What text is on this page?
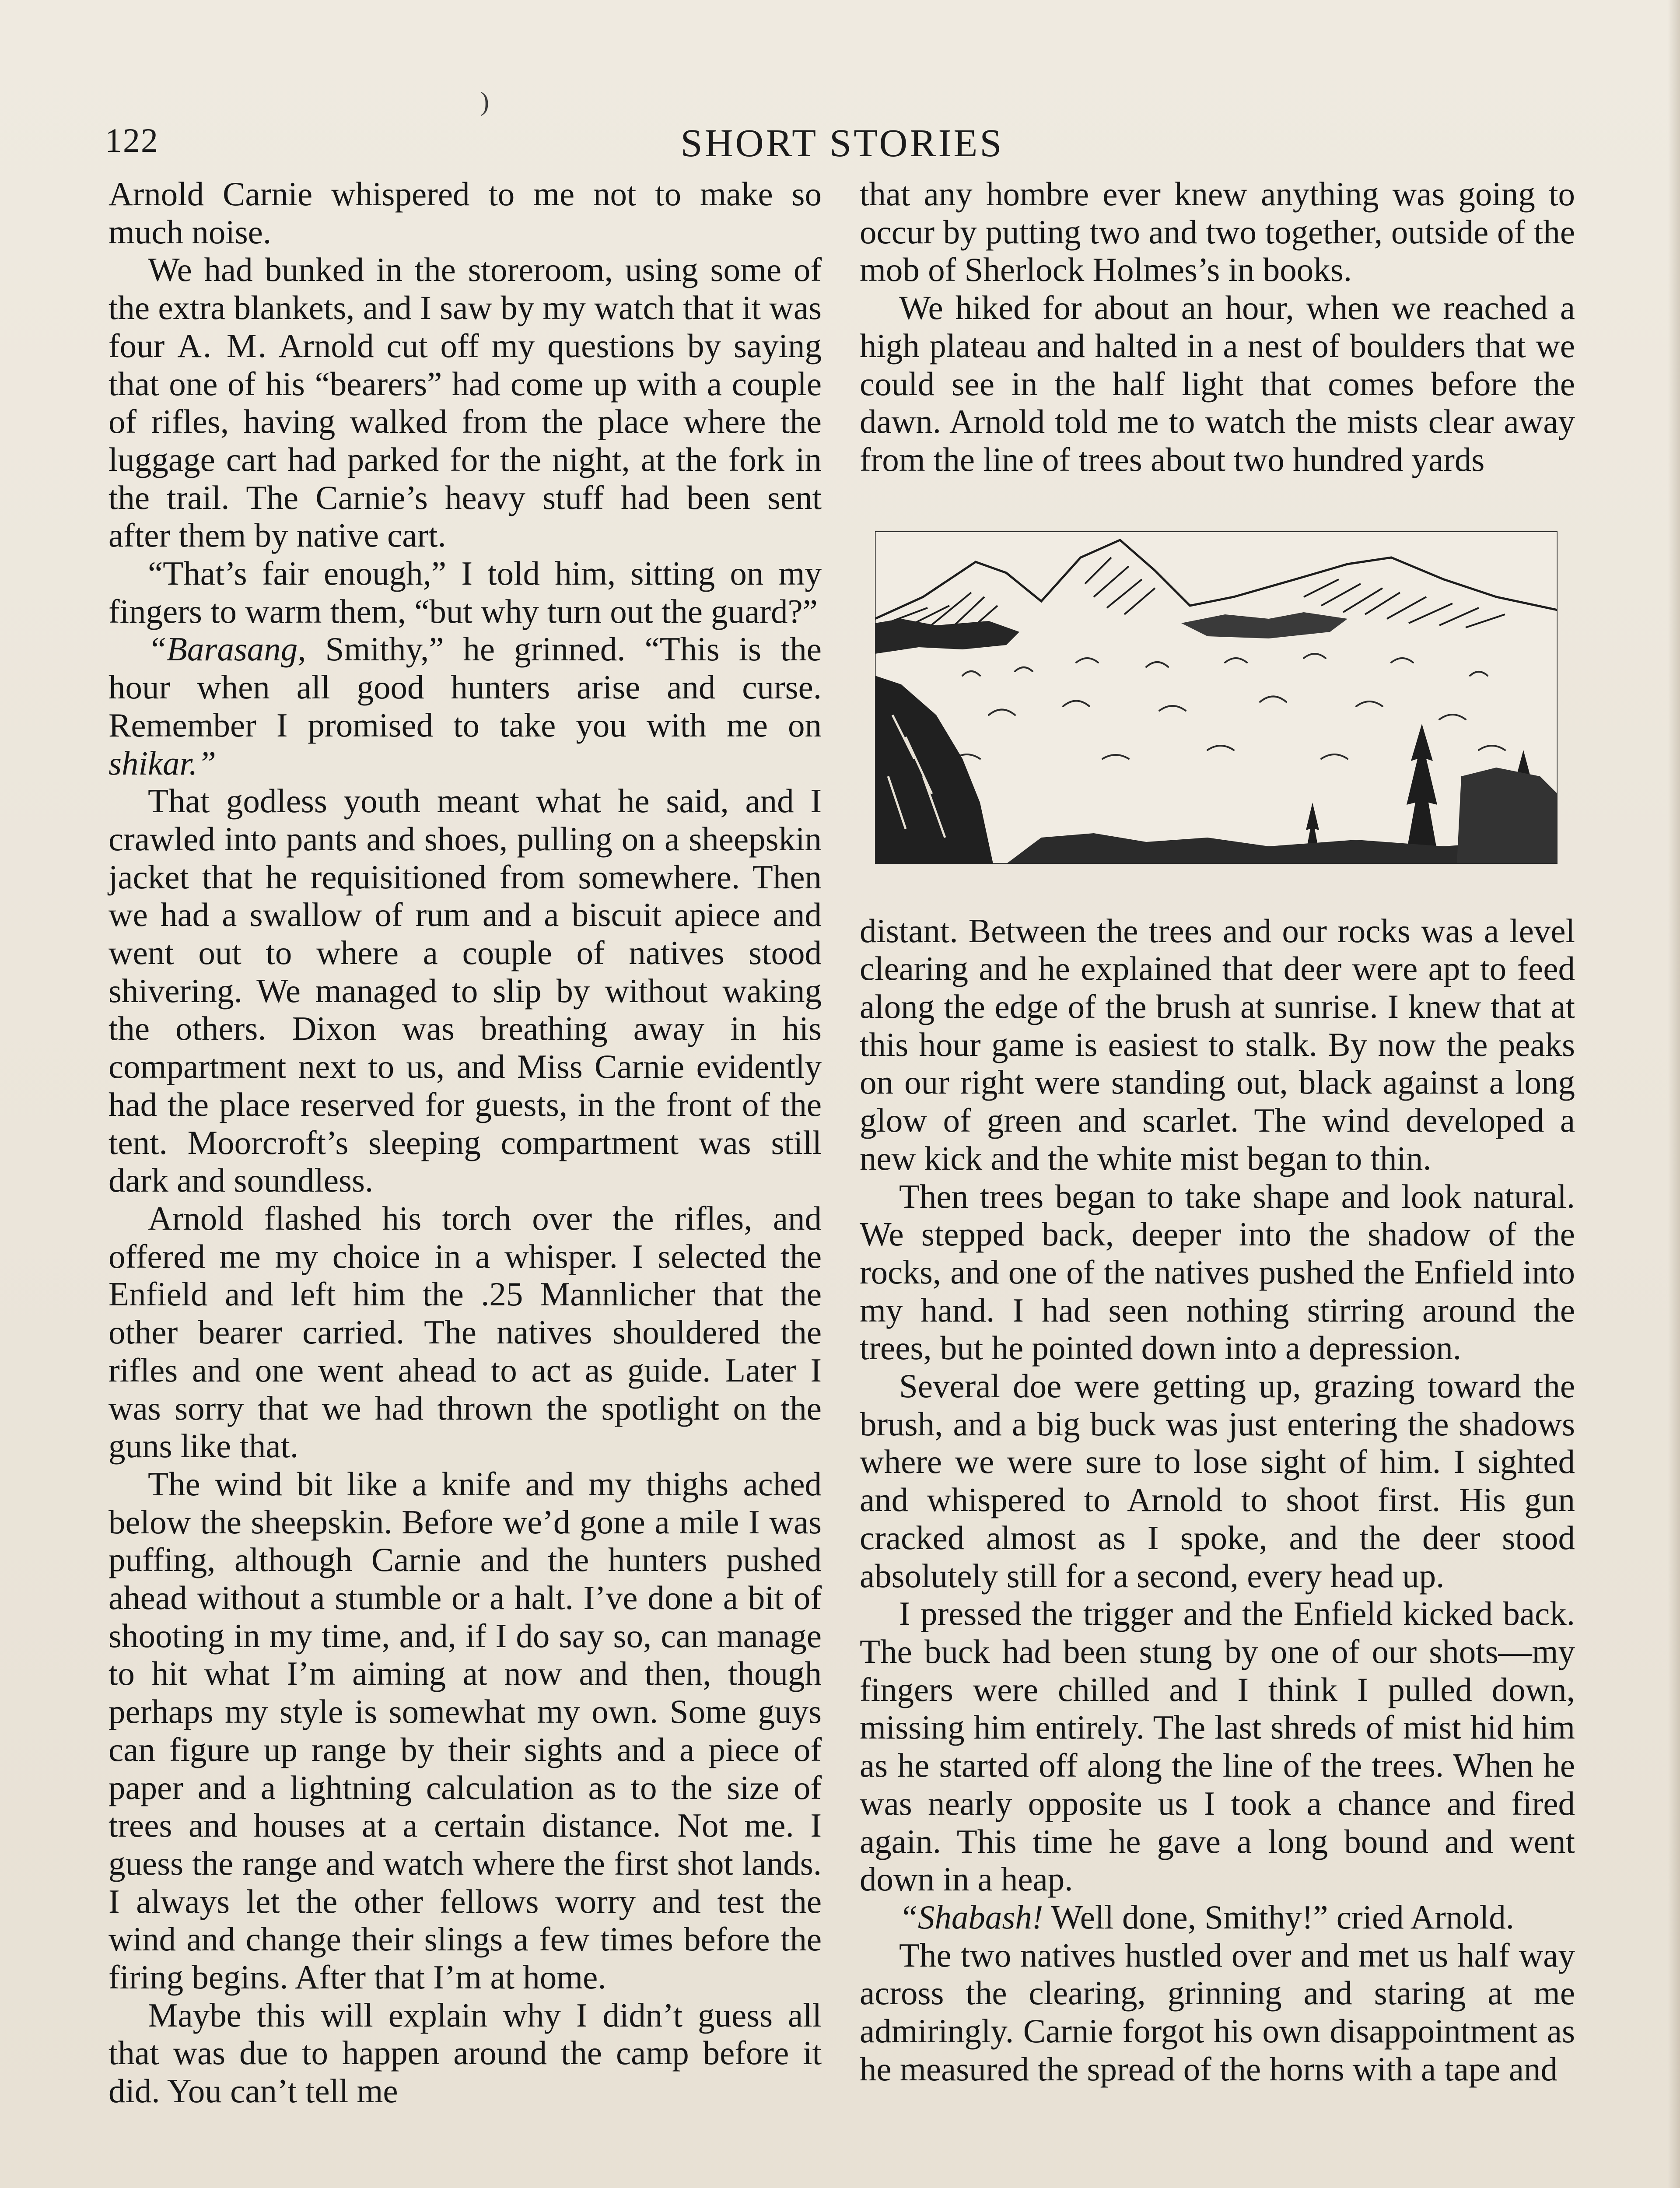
)
122	SHORT STORIES

Arnold Carnie whispered to me not to make so much noise.

We had bunked in the storeroom, using some of the extra blankets, and I saw by my watch that it was four A. M. Arnold cut off my questions by saying that one of his “bearers” had come up with a couple of rifles, having walked from the place where the luggage cart had parked for the night, at the fork in the trail. The Carnie’s heavy stuff had been sent after them by native cart.

“That’s fair enough,” I told him, sitting on my fingers to warm them, “but why turn out the guard?”

“Barasang, Smithy,” he grinned. “This is the hour when all good hunters arise and curse. Remember I promised to take you with me on shikar.”

That godless youth meant what he said, and I crawled into pants and shoes, pulling on a sheepskin jacket that he requisitioned from somewhere. Then we had a swallow of rum and a biscuit apiece and went out to where a couple of natives stood shivering. We managed to slip by without waking the others. Dixon was breathing away in his compartment next to us, and Miss Carnie evidently had the place reserved for guests, in the front of the tent. Moorcroft’s sleeping compartment was still dark and soundless.

Arnold flashed his torch over the rifles, and offered me my choice in a whisper. I selected the Enfield and left him the .25 Mannlicher that the other bearer carried. The natives shouldered the rifles and one went ahead to act as guide. Later I was sorry that we had thrown the spotlight on the guns like that.

The wind bit like a knife and my thighs ached below the sheepskin. Before we’d gone a mile I was puffing, although Carnie and the hunters pushed ahead without a stumble or a halt. I’ve done a bit of shooting in my time, and, if I do say so, can manage to hit what I’m aiming at now and then, though perhaps my style is somewhat my own. Some guys can figure up range by their sights and a piece of paper and a lightning calculation as to the size of trees and houses at a certain distance. Not me. I guess the range and watch where the first shot lands. I always let the other fellows worry and test the wind and change their slings a few times before the firing begins. After that I’m at home.

Maybe this will explain why I didn’t guess all that was due to happen around the camp before it did. You can’t tell me

that any hombre ever knew anything was going to occur by putting two and two together, outside of the mob of Sherlock Holmes’s in books.

We hiked for about an hour, when we reached a high plateau and halted in a nest of boulders that we could see in the half light that comes before the dawn. Arnold told me to watch the mists clear away from the line of trees about two hundred yards

distant. Between the trees and our rocks was a level clearing and he explained that deer were apt to feed along the edge of the brush at sunrise. I knew that at this hour game is easiest to stalk. By now the peaks on our right were standing out, black against a long glow of green and scarlet. The wind developed a new kick and the white mist began to thin.

Then trees began to take shape and look natural. We stepped back, deeper into the shadow of the rocks, and one of the natives pushed the Enfield into my hand. I had seen nothing stirring around the trees, but he pointed down into a depression.

Several doe were getting up, grazing toward the brush, and a big buck was just entering the shadows where we were sure to lose sight of him. I sighted and whispered to Arnold to shoot first. His gun cracked almost as I spoke, and the deer stood absolutely still for a second, every head up.

I pressed the trigger and the Enfield kicked back. The buck had been stung by one of our shots—my fingers were chilled and I think I pulled down, missing him entirely. The last shreds of mist hid him as he started off along the line of the trees. When he was nearly opposite us I took a chance and fired again. This time he gave a long bound and went down in a heap.

“Shabash! Well done, Smithy!” cried Arnold.

The two natives hustled over and met us half way across the clearing, grinning and staring at me admiringly. Carnie forgot his own disappointment as he measured the spread of the horns with a tape and
